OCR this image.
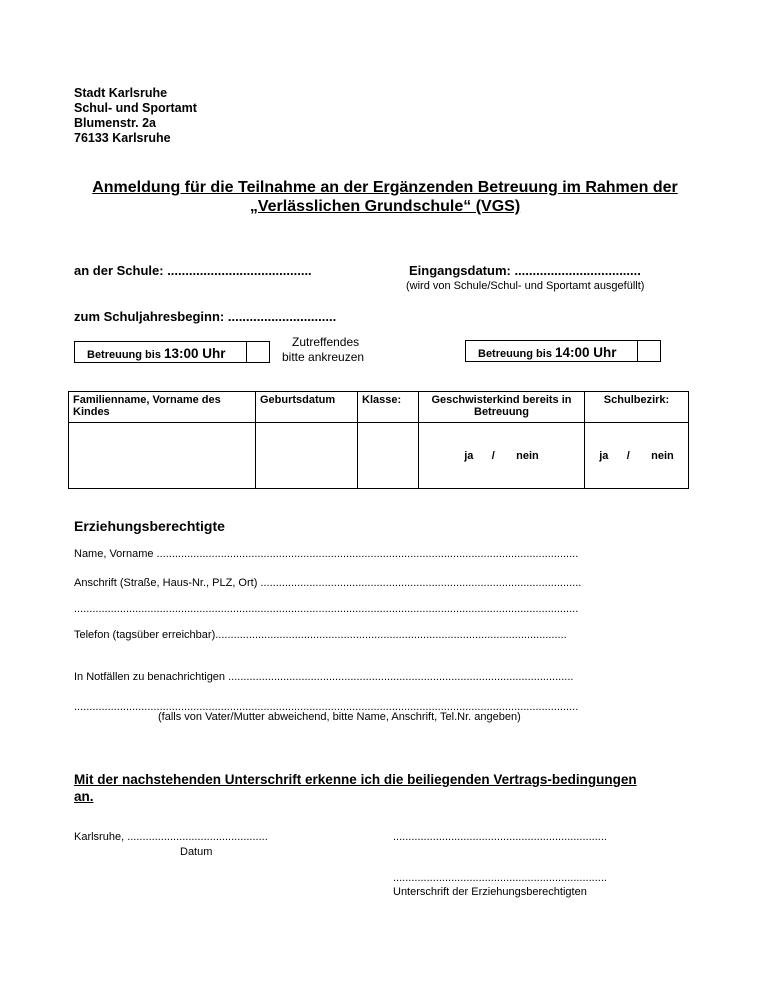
Stadt Karlsruhe
Schul- und Sportamt
Blumenstr. 2a
76133 Karlsruhe
Anmeldung für die Teilnahme an der Ergänzenden Betreuung im Rahmen der „Verlässlichen Grundschule“ (VGS)
an der Schule: ........................................	Eingangsdatum: ...................................
(wird von Schule/Schul- und Sportamt ausgefüllt)
zum Schuljahresbeginn: ..............................
Betreuung bis 13:00 Uhr
Zutreffendes
bitte ankreuzen	Betreuung bis 14:00 Uhr
Familienname, Vorname des Kindes	Geburtsdatum	Klasse:	Geschwisterkind bereits in Betreuung	Schulbezirk:
			ja      /       nein	ja      /       nein
Erziehungsberechtigte
Name, Vorname ..........................................................................................................................................
Anschrift (Straße, Haus-Nr., PLZ, Ort) .........................................................................................................
.....................................................................................................................................................................
Telefon (tagsüber erreichbar)...................................................................................................................
In Notfällen zu benachrichtigen .................................................................................................................
.....................................................................................................................................................................
(falls von Vater/Mutter abweichend, bitte Name, Anschrift, Tel.Nr. angeben)
Mit der nachstehenden Unterschrift erkenne ich die beiliegenden Vertrags-bedingungen an.
Karlsruhe, ..............................................
Datum
......................................................................
......................................................................
Unterschrift der Erziehungsberechtigten
